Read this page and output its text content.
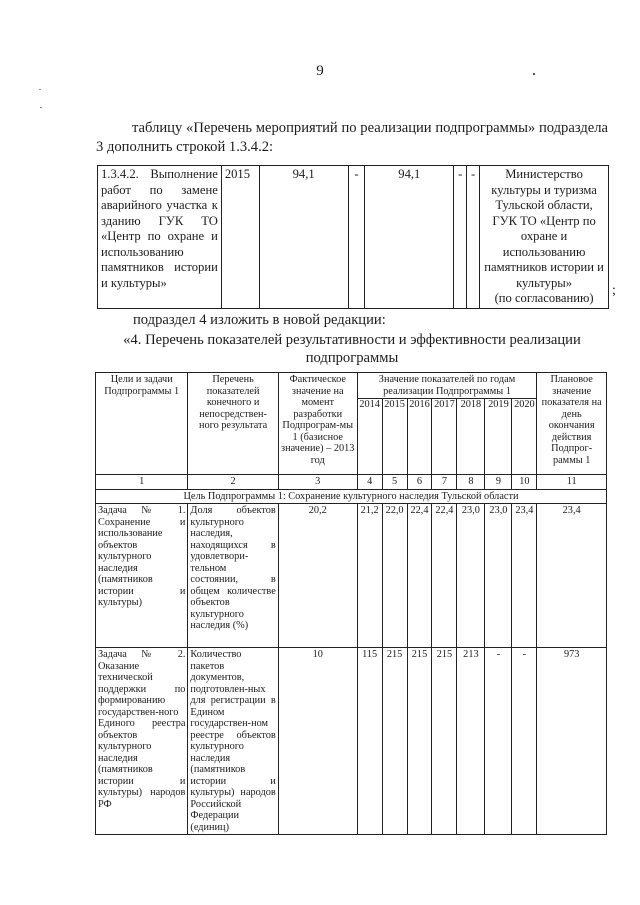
9
таблицу «Перечень мероприятий по реализации подпрограммы» подраздела 3 дополнить строкой 1.3.4.2:
1.3.4.2. Выполнение работ по замене аварийного участка к зданию ГУК ТО «Центр по охране и использованию памятников истории и культуры»	2015	94,1	-	94,1	-	-	Министерство культуры и туризма Тульской области, ГУК ТО «Центр по охране и использованию памятников истории и культуры»
(по согласованию) ;
подраздел 4 изложить в новой редакции:
«4. Перечень показателей результативности и эффективности реализации подпрограммы
Цели и задачи Подпрограммы 1	Перечень показателей конечного и непосредствен-ного результата	Фактическое значение на момент разработки Подпрограм-мы 1 (базисное значение) – 2013 год	Значение показателей по годам реализации Подпрограммы 1							Плановое значение показателя на день окончания действия Подпрог-раммы 1
			2014	2015	2016	2017	2018	2019	2020	
1	2	3	4	5	6	7	8	9	10	11
Цель Подпрограммы 1: Сохранение культурного наследия Тульской области										
Задача № 1. Сохранение и использование объектов культурного наследия (памятников истории и культуры)	Доля объектов культурного наследия, находящихся в удовлетвори-тельном состоянии, в общем количестве объектов культурного наследия (%)	20,2	21,2	22,0	22,4	22,4	23,0	23,0	23,4	23,4
Задача № 2. Оказание технической поддержки по формированию государствен-ного Единого реестра объектов культурного наследия (памятников истории и культуры) народов РФ	Количество пакетов документов, подготовлен-ных для регистрации в Едином государствен-ном реестре объектов культурного наследия (памятников истории и культуры) народов Российской Федерации (единиц)	10	115	215	215	215	213	-	-	973
